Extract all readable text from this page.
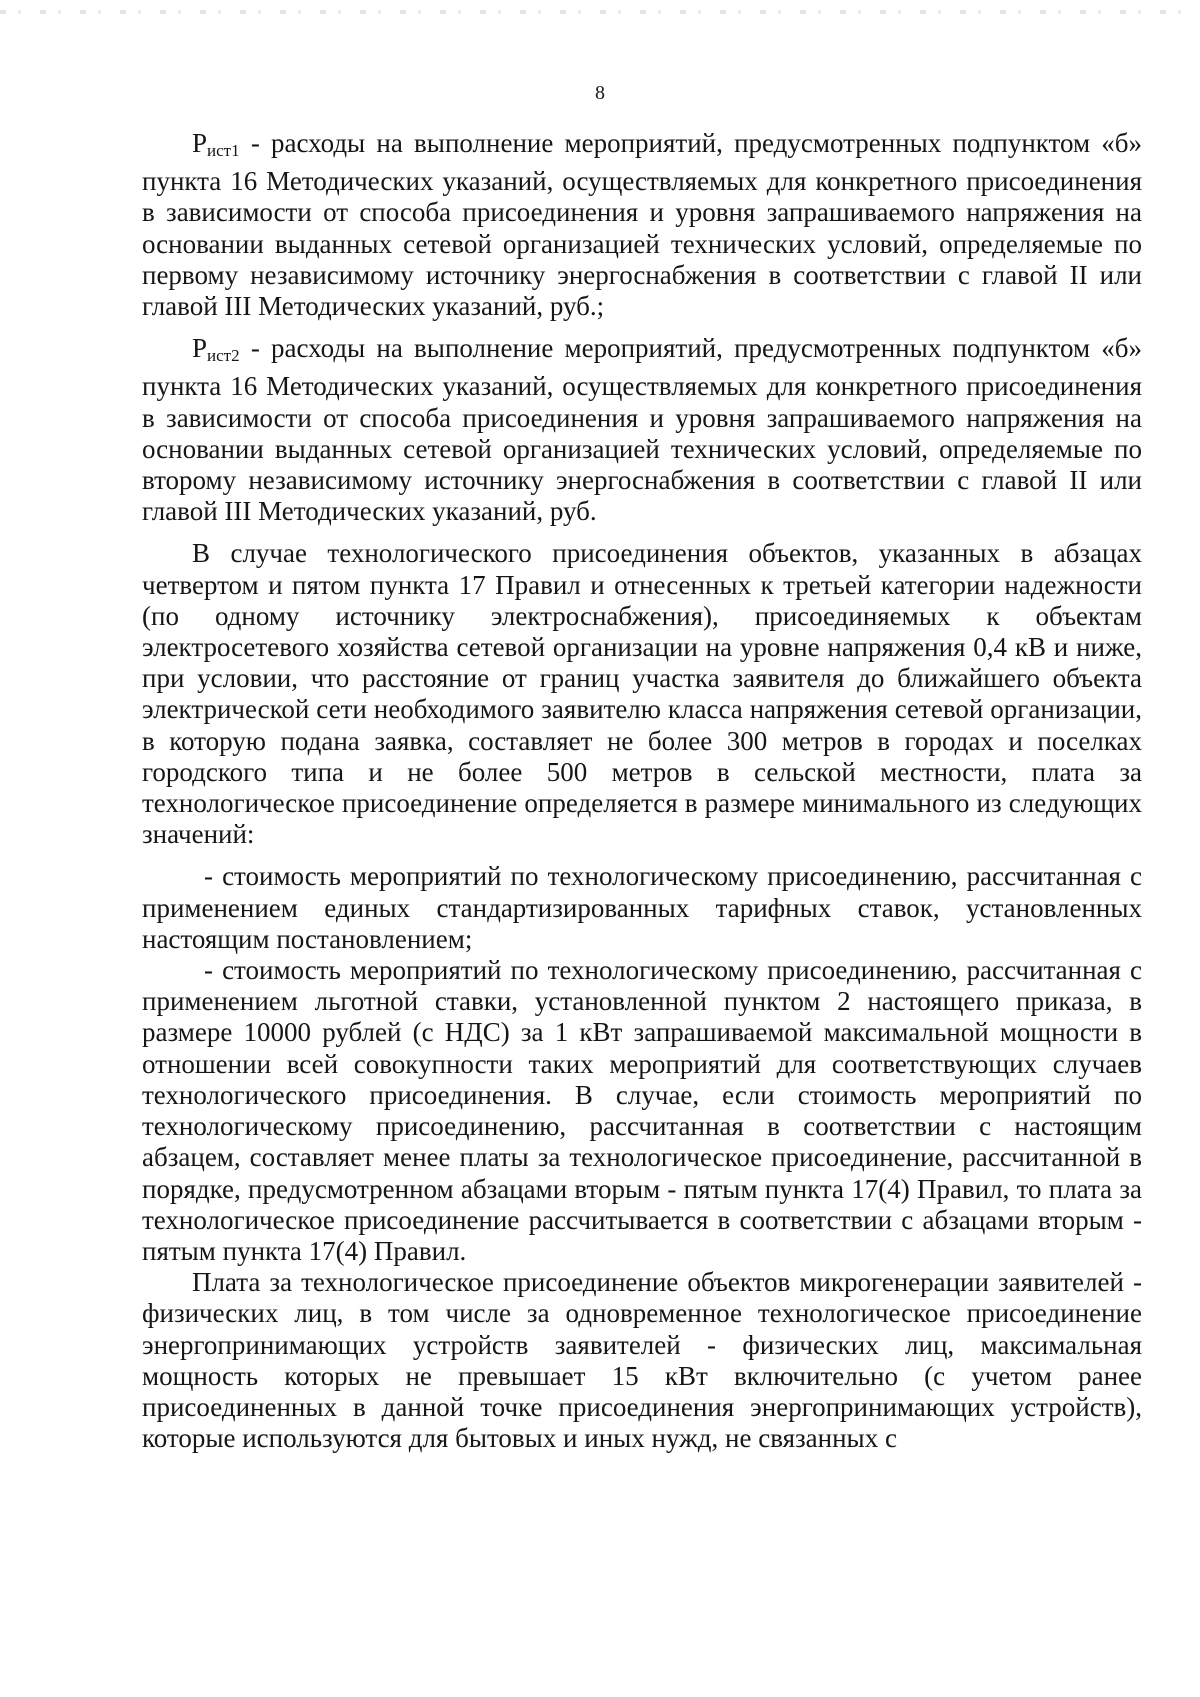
8

$P_{ист1}$ - расходы на выполнение мероприятий, предусмотренных подпунктом «б» пункта 16 Методических указаний, осуществляемых для конкретного присоединения в зависимости от способа присоединения и уровня запрашиваемого напряжения на основании выданных сетевой организацией технических условий, определяемые по первому независимому источнику энергоснабжения в соответствии с главой II или главой III Методических указаний, руб.;

$P_{ист2}$ - расходы на выполнение мероприятий, предусмотренных подпунктом «б» пункта 16 Методических указаний, осуществляемых для конкретного присоединения в зависимости от способа присоединения и уровня запрашиваемого напряжения на основании выданных сетевой организацией технических условий, определяемые по второму независимому источнику энергоснабжения в соответствии с главой II или главой III Методических указаний, руб.

В случае технологического присоединения объектов, указанных в абзацах четвертом и пятом пункта 17 Правил и отнесенных к третьей категории надежности (по одному источнику электроснабжения), присоединяемых к объектам электросетевого хозяйства сетевой организации на уровне напряжения 0,4 кВ и ниже, при условии, что расстояние от границ участка заявителя до ближайшего объекта электрической сети необходимого заявителю класса напряжения сетевой организации, в которую подана заявка, составляет не более 300 метров в городах и поселках городского типа и не более 500 метров в сельской местности, плата за технологическое присоединение определяется в размере минимального из следующих значений:

- стоимость мероприятий по технологическому присоединению, рассчитанная с применением единых стандартизированных тарифных ставок, установленных настоящим постановлением;

- стоимость мероприятий по технологическому присоединению, рассчитанная с применением льготной ставки, установленной пунктом 2 настоящего приказа, в размере 10000 рублей (с НДС) за 1 кВт запрашиваемой максимальной мощности в отношении всей совокупности таких мероприятий для соответствующих случаев технологического присоединения. В случае, если стоимость мероприятий по технологическому присоединению, рассчитанная в соответствии с настоящим абзацем, составляет менее платы за технологическое присоединение, рассчитанной в порядке, предусмотренном абзацами вторым - пятым пункта 17(4) Правил, то плата за технологическое присоединение рассчитывается в соответствии с абзацами вторым - пятым пункта 17(4) Правил.

Плата за технологическое присоединение объектов микрогенерации заявителей - физических лиц, в том числе за одновременное технологическое присоединение энергопринимающих устройств заявителей - физических лиц, максимальная мощность которых не превышает 15 кВт включительно (с учетом ранее присоединенных в данной точке присоединения энергопринимающих устройств), которые используются для бытовых и иных нужд, не связанных с
